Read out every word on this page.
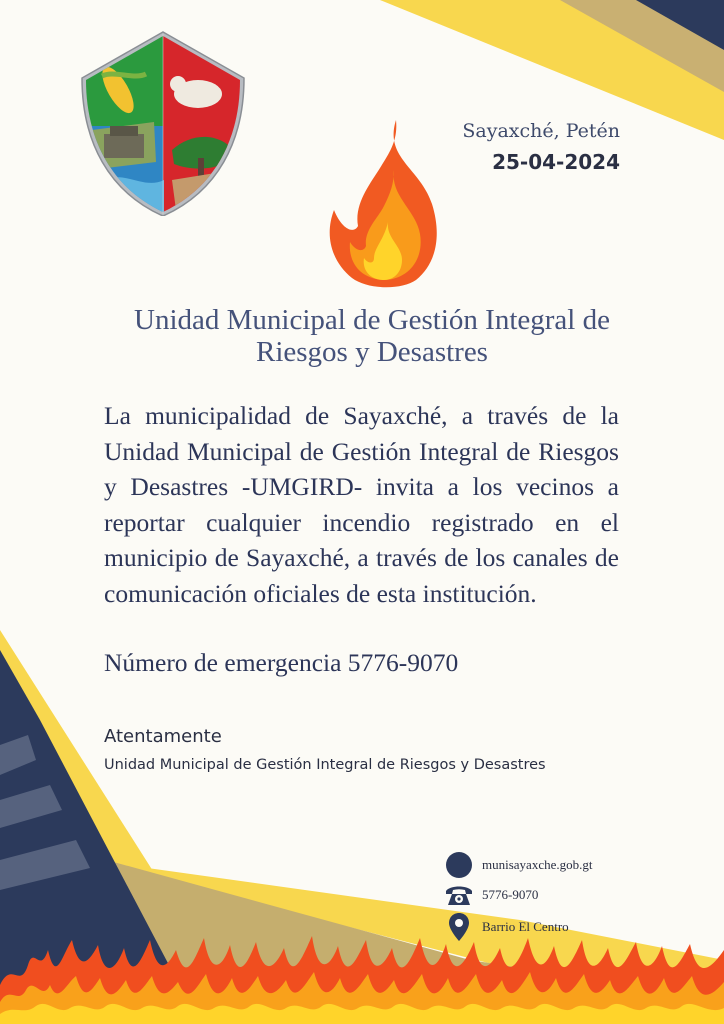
Sayaxché, Petén
25-04-2024
Unidad Municipal de Gestión Integral de
Riesgos y Desastres
La municipalidad de Sayaxché, a través de la Unidad Municipal de Gestión Integral de Riesgos y Desastres -UMGIRD- invita a los vecinos a reportar cualquier incendio registrado en el municipio de Sayaxché, a través de los canales de comunicación oficiales de esta institución.
Número de emergencia 5776-9070
Atentamente
Unidad Municipal de Gestión Integral de Riesgos y Desastres
munisayaxche.gob.gt
5776-9070
Barrio El Centro
